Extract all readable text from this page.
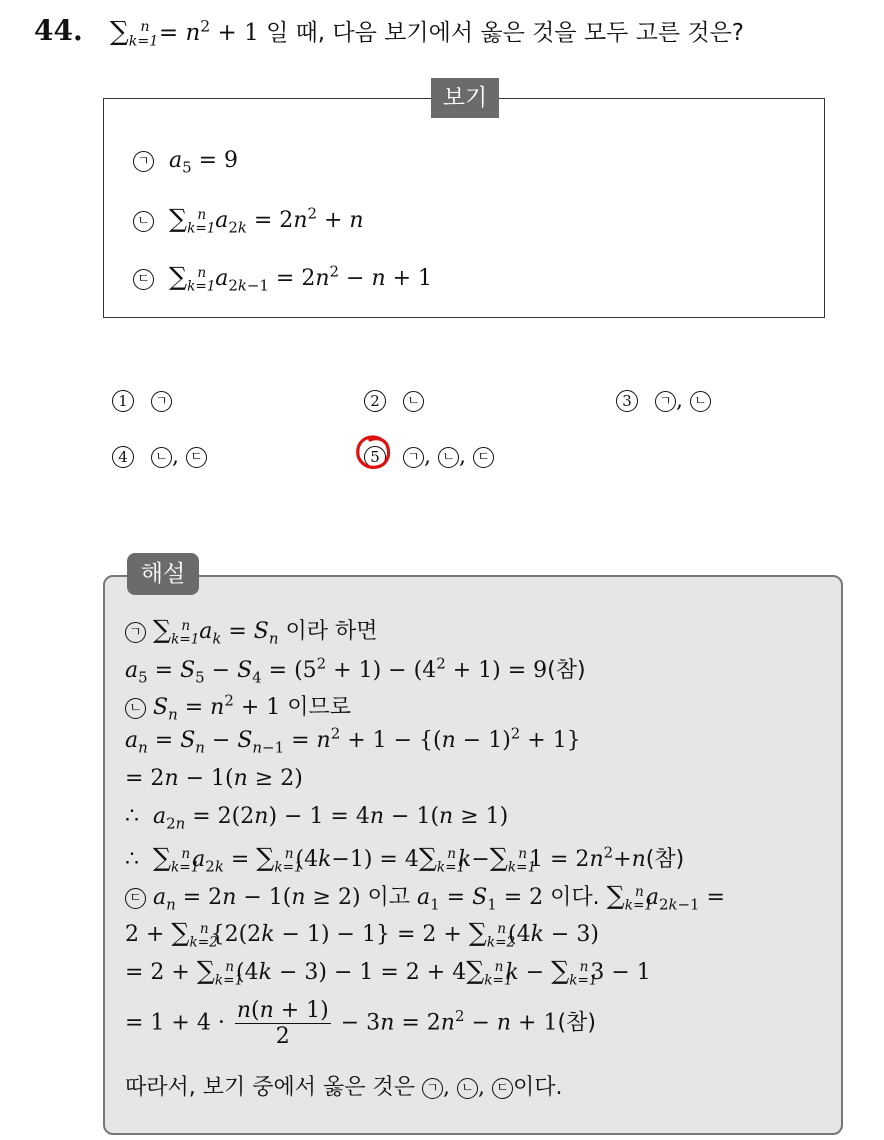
44. $\sum_{k=1}^n = n^2 + 1$ 일 때, 다음 보기에서 옳은 것을 모두 고른 것은?
보기
ㄱ $a_5 = 9$
ㄴ $\sum_{k=1}^n$ $a_{2k} = 2n^2 + n$
ㄷ $\sum_{k=1}^n$ $a_{2k-1} = 2n^2 - n + 1$
1 ㄱ	2 ㄴ	3 ㄱ , ㄴ
4 ㄴ , ㄷ	5 ㄱ , ㄴ , ㄷ
해설
ㄱ $\sum_{k=1}^n$ $a_k = S_n$ 이라 하면
$a_5 = S_5 - S_4 = (5^2 + 1) - (4^2 + 1) = 9$(참)
ㄴ $S_n = n^2 + 1$ 이므로
$a_n = S_n - S_{n-1} = n^2 + 1 - \{(n - 1)^2 + 1\}$
= 2n − 1(n ≥ 2)
∴  $a_{2n} = 2(2n) - 1 = 4n - 1(n \ge 1)$
∴  $\sum_{k=1}^na_{2k} = \sum_{k=1}^n(4k-1) = 4\sum_{k=1}^nk-\sum_{k=1}^n1 = 2n^2+n$(참)
ㄷ $a_n = 2n - 1(n \ge 2)$ 이고 $a_1 = S_1 = 2$ 이다. $\sum_{k=1}^na_{2k-1}$ =
$2 + \sum_{k=2}^n\{2(2k - 1) - 1\} = 2 + \sum_{k=2}^n(4k - 3)$
= $2 + \sum_{k=1}^n(4k - 3) - 1 = 2 + 4\sum_{k=1}^nk - \sum_{k=1}^n3 - 1$
= $1 + 4 \cdot \frac{n(n + 1)}{2} - 3n = 2n^2 - n + 1$(참)
따라서, 보기 중에서 옳은 것은 ㄱ , ㄴ , ㄷ 이다.
